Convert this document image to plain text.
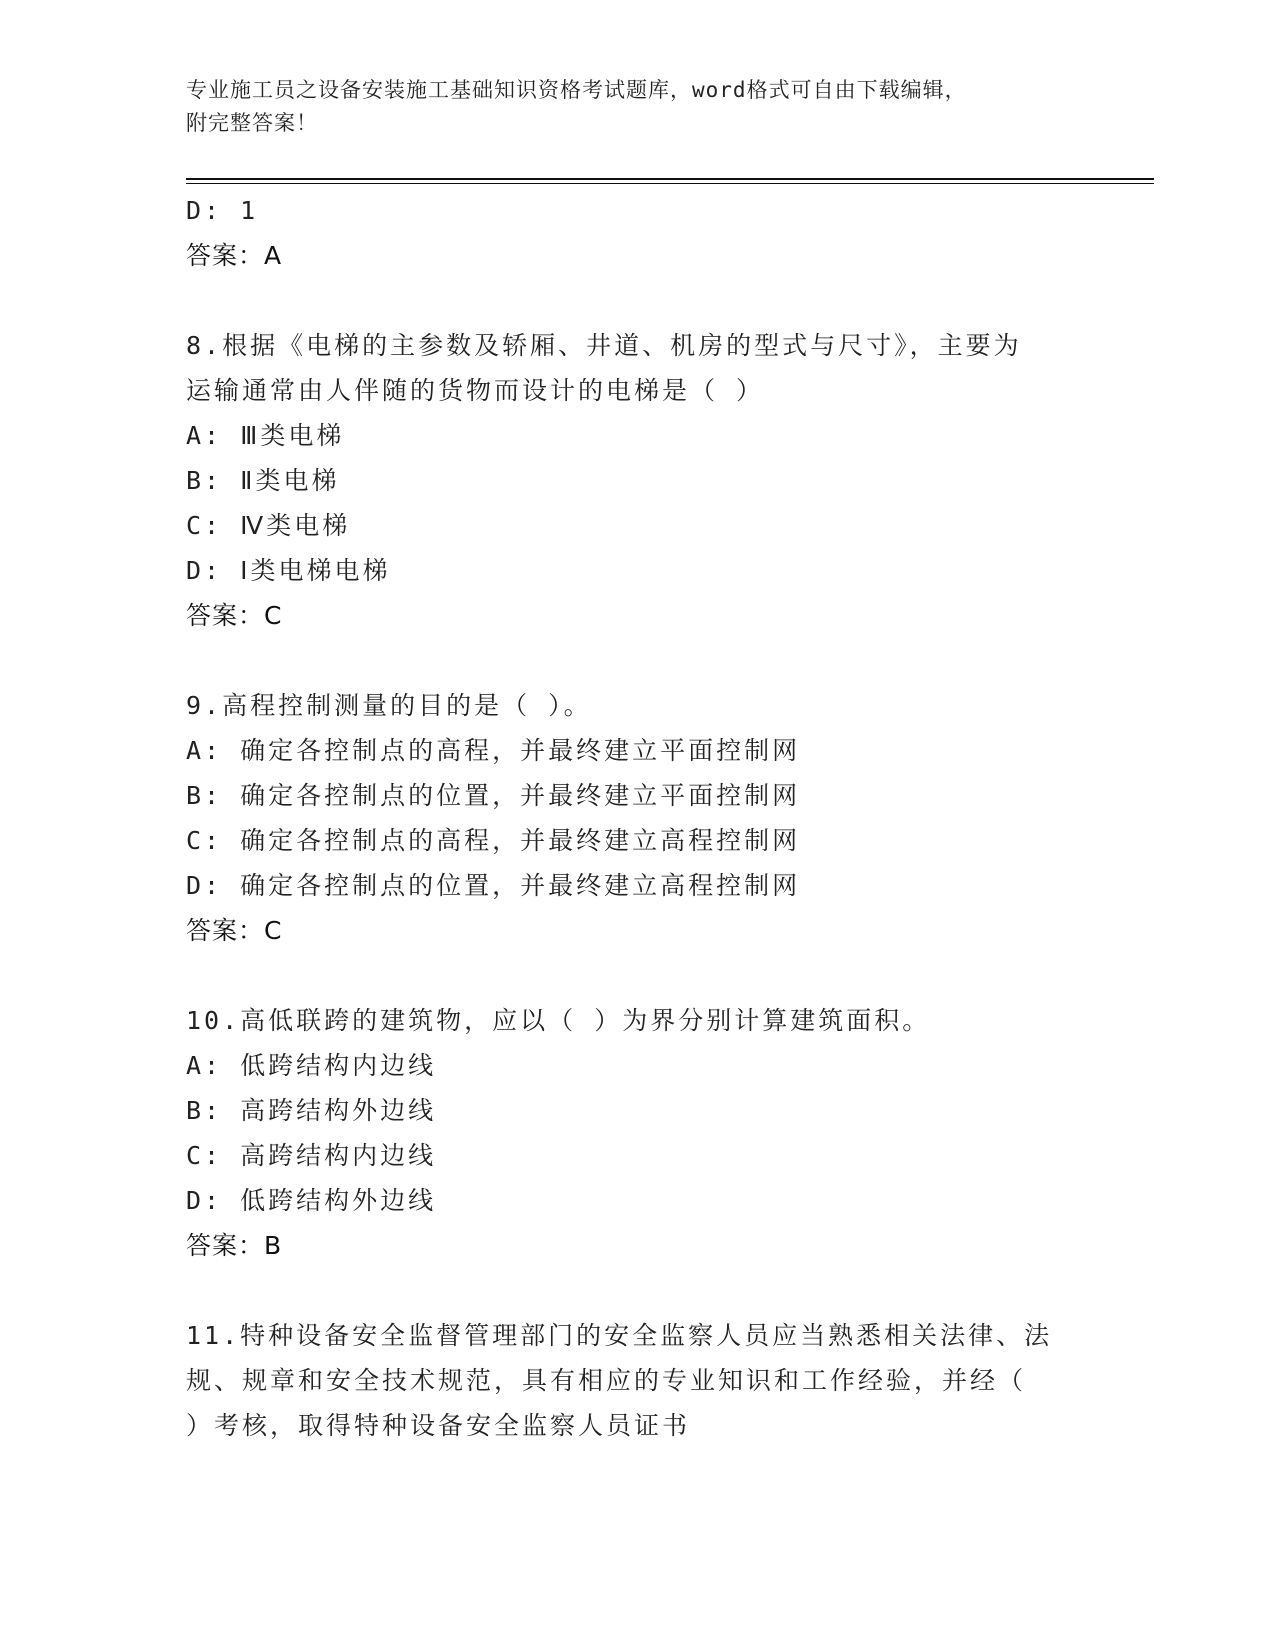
专业施工员之设备安装施工基础知识资格考试题库，word格式可自由下载编辑，
附完整答案！
D: 1
答案：A
8.根据《电梯的主参数及轿厢、井道、机房的型式与尺寸》，主要为
运输通常由人伴随的货物而设计的电梯是（ ）
A: Ⅲ类电梯
B: Ⅱ类电梯
C: Ⅳ类电梯
D: Ⅰ类电梯电梯
答案：C
9.高程控制测量的目的是（ ）。
A: 确定各控制点的高程，并最终建立平面控制网
B: 确定各控制点的位置，并最终建立平面控制网
C: 确定各控制点的高程，并最终建立高程控制网
D: 确定各控制点的位置，并最终建立高程控制网
答案：C
10.高低联跨的建筑物，应以（ ）为界分别计算建筑面积。
A: 低跨结构内边线
B: 高跨结构外边线
C: 高跨结构内边线
D: 低跨结构外边线
答案：B
11.特种设备安全监督管理部门的安全监察人员应当熟悉相关法律、法
规、规章和安全技术规范，具有相应的专业知识和工作经验，并经（
）考核，取得特种设备安全监察人员证书
